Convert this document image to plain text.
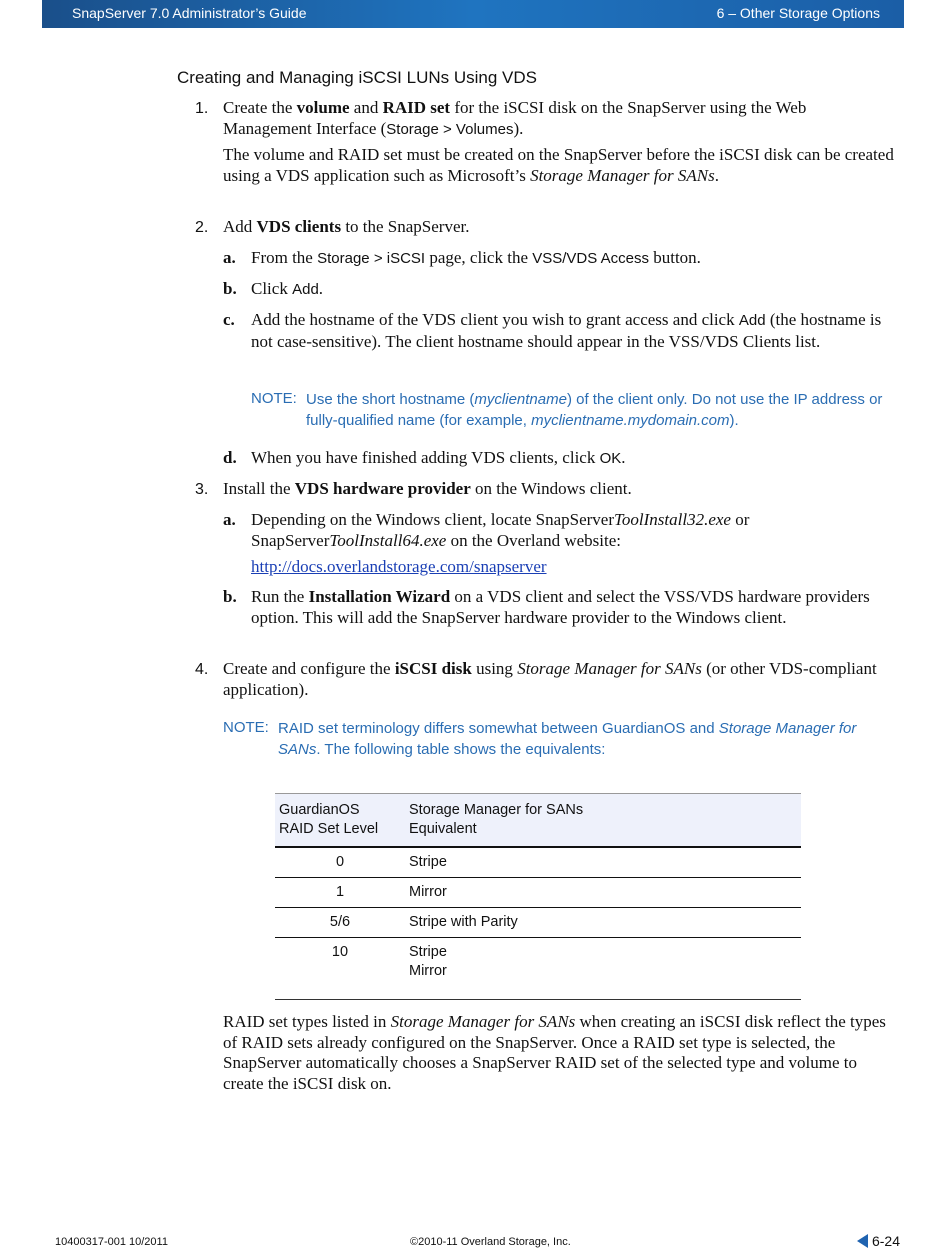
SnapServer 7.0 Administrator’s Guide	6 – Other Storage Options
Creating and Managing iSCSI LUNs Using VDS
1. Create the volume and RAID set for the iSCSI disk on the SnapServer using the Web Management Interface (Storage > Volumes).
The volume and RAID set must be created on the SnapServer before the iSCSI disk can be created using a VDS application such as Microsoft’s Storage Manager for SANs.
2. Add VDS clients to the SnapServer.
a. From the Storage > iSCSI page, click the VSS/VDS Access button.
b. Click Add.
c. Add the hostname of the VDS client you wish to grant access and click Add (the hostname is not case-sensitive). The client hostname should appear in the VSS/VDS Clients list.
NOTE: Use the short hostname (myclientname) of the client only. Do not use the IP address or fully-qualified name (for example, myclientname.mydomain.com).
d. When you have finished adding VDS clients, click OK.
3. Install the VDS hardware provider on the Windows client.
a. Depending on the Windows client, locate SnapServerToolInstall32.exe or SnapServerToolInstall64.exe on the Overland website:
http://docs.overlandstorage.com/snapserver
b. Run the Installation Wizard on a VDS client and select the VSS/VDS hardware providers option. This will add the SnapServer hardware provider to the Windows client.
4. Create and configure the iSCSI disk using Storage Manager for SANs (or other VDS-compliant application).
NOTE: RAID set terminology differs somewhat between GuardianOS and Storage Manager for SANs. The following table shows the equivalents:
GuardianOS
RAID Set Level	Storage Manager for SANs
Equivalent
0	Stripe
1	Mirror
5/6	Stripe with Parity
10	Stripe
Mirror
RAID set types listed in Storage Manager for SANs when creating an iSCSI disk reflect the types of RAID sets already configured on the SnapServer. Once a RAID set type is selected, the SnapServer automatically chooses a SnapServer RAID set of the selected type and volume to create the iSCSI disk on.
10400317-001 10/2011	©2010-11 Overland Storage, Inc.	6-24
